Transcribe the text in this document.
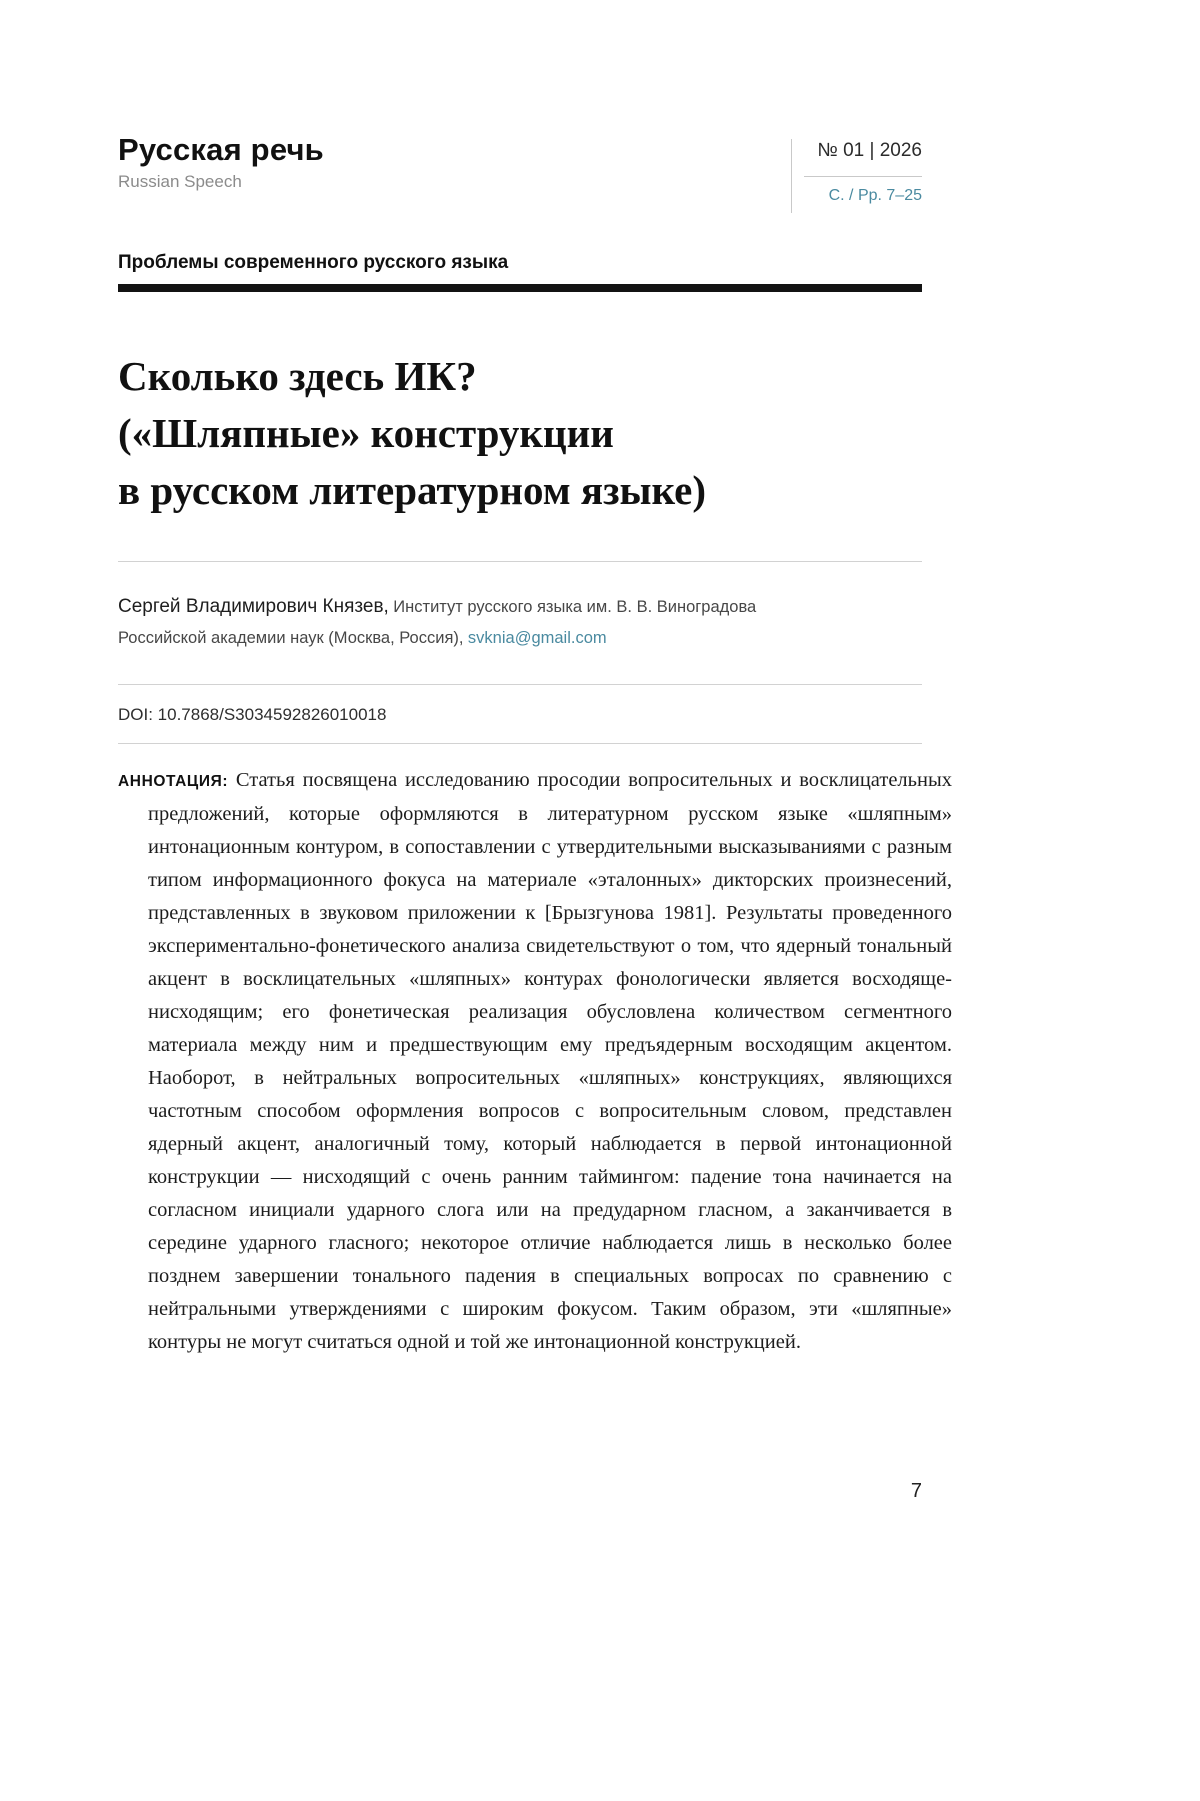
Русская речь
Russian Speech
№ 01 | 2026
С. / Pp. 7–25
Проблемы современного русского языка
Сколько здесь ИК?
(«Шляпные» конструкции
в русском литературном языке)
Сергей Владимирович Князев, Институт русского языка им. В. В. Виноградова
Российской академии наук (Москва, Россия), svknia@gmail.com
DOI: 10.7868/S3034592826010018

АННОТАЦИЯ: Статья посвящена исследованию просодии вопросительных и восклицательных предложений, которые оформляются в литературном русском языке «шляпным» интонационным контуром, в сопоставлении с утвердительными высказываниями с разным типом информационного фокуса на материале «эталонных» дикторских произнесений, представленных в звуковом приложении к [Брызгунова 1981]. Результаты проведенного экспериментально-фонетического анализа свидетельствуют о том, что ядерный тональный акцент в восклицательных «шляпных» контурах фонологически является восходяще-нисходящим; его фонетическая реализация обусловлена количеством сегментного материала между ним и предшествующим ему предъядерным восходящим акцентом. Наоборот, в нейтральных вопросительных «шляпных» конструкциях, являющихся частотным способом оформления вопросов с вопросительным словом, представлен ядерный акцент, аналогичный тому, который наблюдается в первой интонационной конструкции — нисходящий с очень ранним таймингом: падение тона начинается на согласном инициали ударного слога или на предударном гласном, а заканчивается в середине ударного гласного; некоторое отличие наблюдается лишь в несколько более позднем завершении тонального падения в специальных вопросах по сравнению с нейтральными утверждениями с широким фокусом. Таким образом, эти «шляпные» контуры не могут считаться одной и той же интонационной конструкцией.

7
